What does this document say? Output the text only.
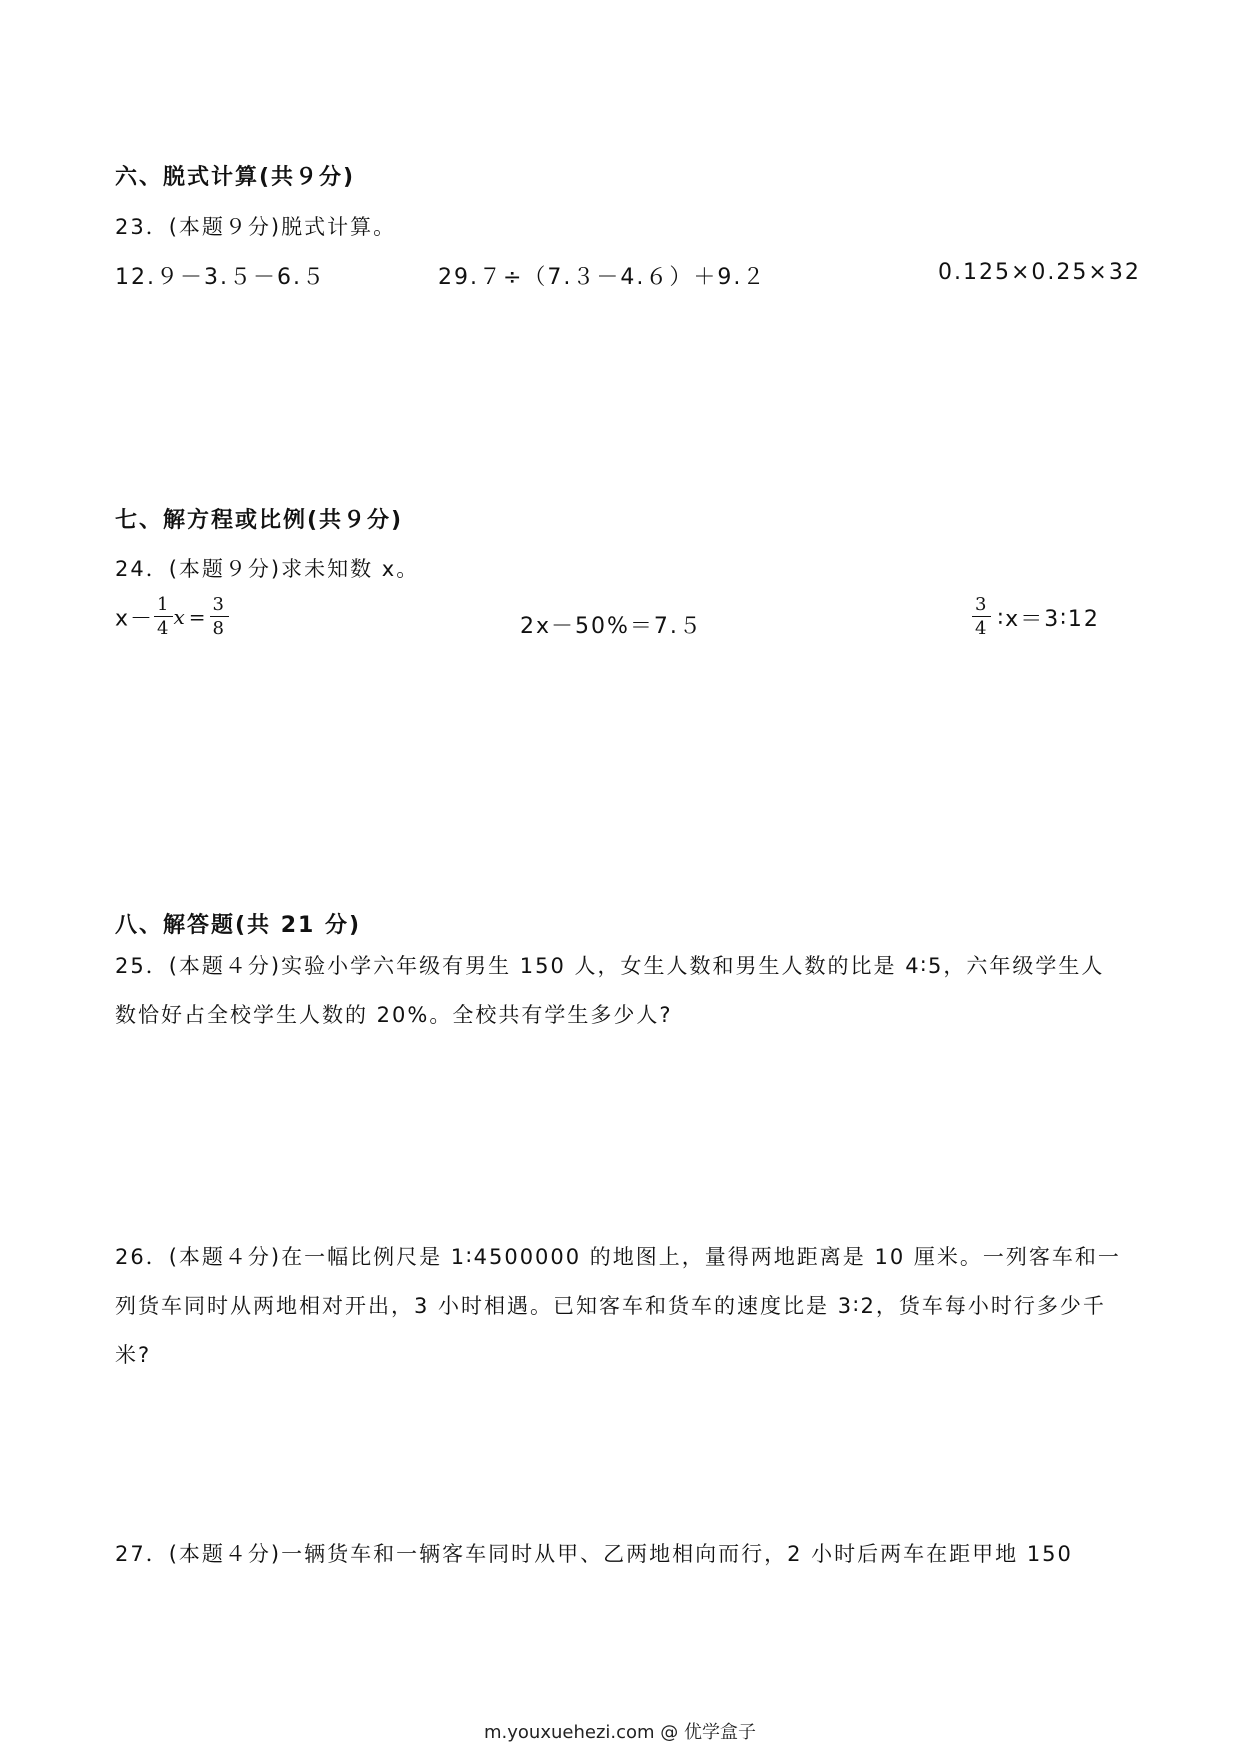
六、脱式计算(共９分)
23．(本题９分)脱式计算。
12.９－3.５－6.５	29.７÷（7.３－4.６）＋9.２	0.125×0.25×32
七、解方程或比例(共９分)
24．(本题９分)求未知数 x。
$x- \frac{1}{4}$ $x = \frac{3}{8}$	2x－50%＝7.５	$\frac{3}{4}$ ∶x＝3∶12
八、解答题(共 21 分)
25．(本题４分)实验小学六年级有男生 150 人，女生人数和男生人数的比是 4∶5，六年级学生人数恰好占全校学生人数的 20%。全校共有学生多少人?
26．(本题４分)在一幅比例尺是 1∶4500000 的地图上，量得两地距离是 10 厘米。一列客车和一列货车同时从两地相对开出，3 小时相遇。已知客车和货车的速度比是 3∶2，货车每小时行多少千米?
27．(本题４分)一辆货车和一辆客车同时从甲、乙两地相向而行，2 小时后两车在距甲地 150
m.youxuehezi.com @ 优学盒子
